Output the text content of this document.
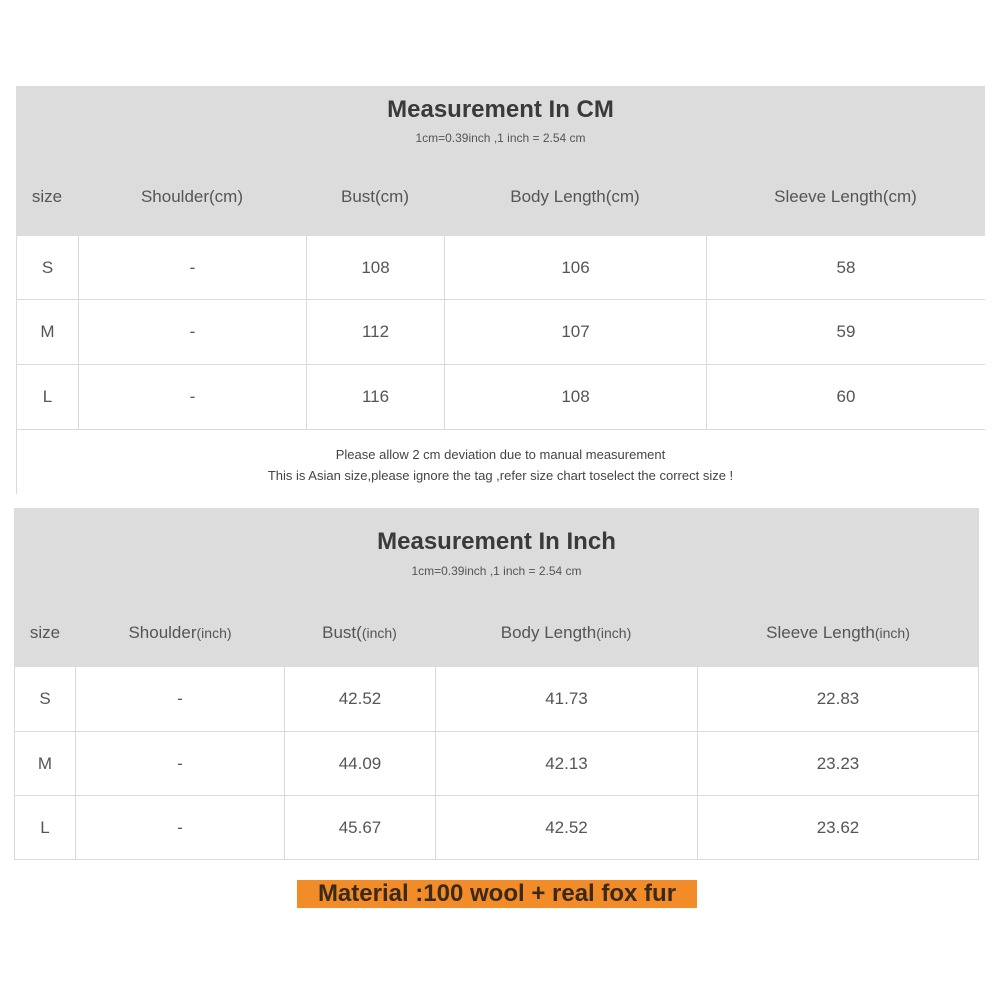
Measurement In CM
1cm=0.39inch ,1 inch = 2.54 cm
size	Shoulder(cm)	Bust(cm)	Body Length(cm)	Sleeve Length(cm)
S	-	108	106	58
M	-	112	107	59
L	-	116	108	60
Please allow 2 cm deviation due to manual measurement
This is Asian size,please ignore the tag ,refer size chart toselect the correct size !
Measurement In Inch
1cm=0.39inch ,1 inch = 2.54 cm
size	Shoulder (inch)	Bust( (inch)	Body Length (inch)	Sleeve Length (inch)
S	-	42.52	41.73	22.83
M	-	44.09	42.13	23.23
L	-	45.67	42.52	23.62
Material :100 wool + real fox fur
